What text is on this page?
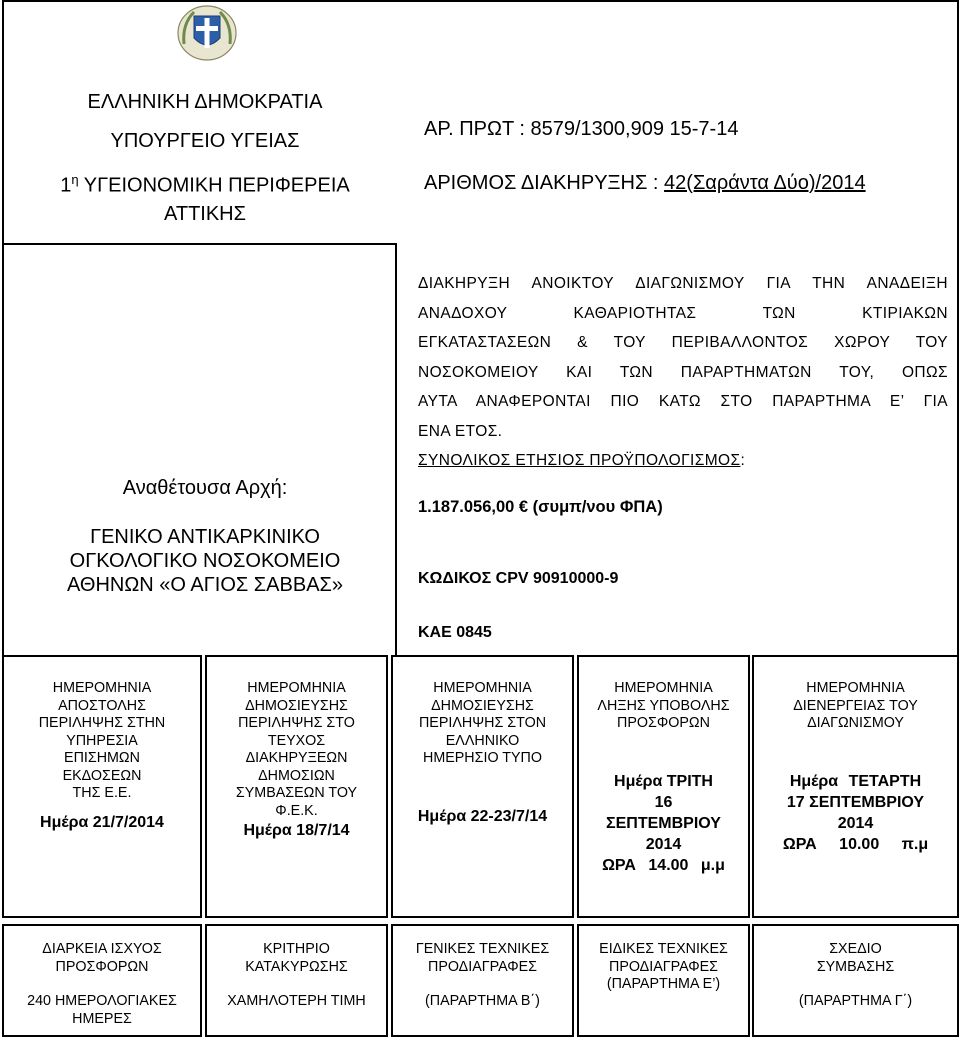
ΕΛΛΗΝΙΚΗ ΔΗΜΟΚΡΑΤΙΑ
ΥΠΟΥΡΓΕΙΟ ΥΓΕΙΑΣ
$1^\eta$ ΥΓΕΙΟΝΟΜΙΚΗ ΠΕΡΙΦΕΡΕΙΑ
ΑΤΤΙΚΗΣ
ΑΡ. ΠΡΩΤ : 8579/1300,909 15-7-14
ΑΡΙΘΜΟΣ ΔΙΑΚΗΡΥΞΗΣ : 42(Σαράντα Δύο)/2014
Αναθέτουσα Αρχή:
ΓΕΝΙΚΟ ΑΝΤΙΚΑΡΚΙΝΙΚΟ
ΟΓΚΟΛΟΓΙΚΟ ΝΟΣΟΚΟΜΕΙΟ
ΑΘΗΝΩΝ «Ο ΑΓΙΟΣ ΣΑΒΒΑΣ»
ΔΙΑΚΗΡΥΞΗ ΑΝΟΙΚΤΟΥ ΔΙΑΓΩΝΙΣΜΟΥ ΓΙΑ ΤΗΝ ΑΝΑΔΕΙΞΗ
ΑΝΑΔΟΧΟΥ ΚΑΘΑΡΙΟΤΗΤΑΣ ΤΩΝ ΚΤΙΡΙΑΚΩΝ
ΕΓΚΑΤΑΣΤΑΣΕΩΝ & ΤΟΥ ΠΕΡΙΒΑΛΛΟΝΤΟΣ ΧΩΡΟΥ ΤΟΥ
ΝΟΣΟΚΟΜΕΙΟΥ ΚΑΙ ΤΩΝ ΠΑΡΑΡΤΗΜΑΤΩΝ ΤΟΥ, ΟΠΩΣ
ΑΥΤΑ ΑΝΑΦΕΡΟΝΤΑΙ ΠΙΟ ΚΑΤΩ ΣΤΟ ΠΑΡΑΡΤΗΜΑ Ε’ ΓΙΑ
ΕΝΑ ΕΤΟΣ.
ΣΥΝΟΛΙΚΟΣ ΕΤΗΣΙΟΣ ΠΡΟΫΠΟΛΟΓΙΣΜΟΣ:
1.187.056,00 € (συμπ/νου ΦΠΑ)
ΚΩΔΙΚΟΣ CPV 90910000-9
ΚΑΕ 0845
ΗΜΕΡΟΜΗΝΙΑ
ΑΠΟΣΤΟΛΗΣ
ΠΕΡΙΛΗΨΗΣ ΣΤΗΝ
ΥΠΗΡΕΣΙΑ
ΕΠΙΣΗΜΩΝ
ΕΚΔΟΣΕΩΝ
ΤΗΣ Ε.Ε.
Ημέρα 21/7/2014
ΗΜΕΡΟΜΗΝΙΑ
ΔΗΜΟΣΙΕΥΣΗΣ
ΠΕΡΙΛΗΨΗΣ ΣΤΟ
ΤΕΥΧΟΣ
ΔΙΑΚΗΡΥΞΕΩΝ
ΔΗΜΟΣΙΩΝ
ΣΥΜΒΑΣΕΩΝ ΤΟΥ
Φ.Ε.Κ.
Ημέρα 18/7/14
ΗΜΕΡΟΜΗΝΙΑ
ΔΗΜΟΣΙΕΥΣΗΣ
ΠΕΡΙΛΗΨΗΣ ΣΤΟΝ
ΕΛΛΗΝΙΚΟ
ΗΜΕΡΗΣΙΟ ΤΥΠΟ
Ημέρα 22-23/7/14
ΗΜΕΡΟΜΗΝΙΑ
ΛΗΞΗΣ ΥΠΟΒΟΛΗΣ
ΠΡΟΣΦΟΡΩΝ
Ημέρα ΤΡΙΤΗ
16
ΣΕΠΤΕΜΒΡΙΟΥ
2014
ΩΡΑ 14.00 μ.μ
ΗΜΕΡΟΜΗΝΙΑ
ΔΙΕΝΕΡΓΕΙΑΣ ΤΟΥ
ΔΙΑΓΩΝΙΣΜΟΥ
Ημέρα ΤΕΤΑΡΤΗ
17 ΣΕΠΤΕΜΒΡΙΟΥ
2014
ΩΡΑ 10.00 π.μ
ΔΙΑΡΚΕΙΑ ΙΣΧΥΟΣ
ΠΡΟΣΦΟΡΩΝ
240 ΗΜΕΡΟΛΟΓΙΑΚΕΣ
ΗΜΕΡΕΣ
ΚΡΙΤΗΡΙΟ
ΚΑΤΑΚΥΡΩΣΗΣ
ΧΑΜΗΛΟΤΕΡΗ ΤΙΜΗ
ΓΕΝΙΚΕΣ ΤΕΧΝΙΚΕΣ
ΠΡΟΔΙΑΓΡΑΦΕΣ
(ΠΑΡΑΡΤΗΜΑ Β΄)
ΕΙΔΙΚΕΣ ΤΕΧΝΙΚΕΣ
ΠΡΟΔΙΑΓΡΑΦΕΣ
(ΠΑΡΑΡΤΗΜΑ Ε’)
ΣΧΕΔΙΟ
ΣΥΜΒΑΣΗΣ
(ΠΑΡΑΡΤΗΜΑ Γ΄)
